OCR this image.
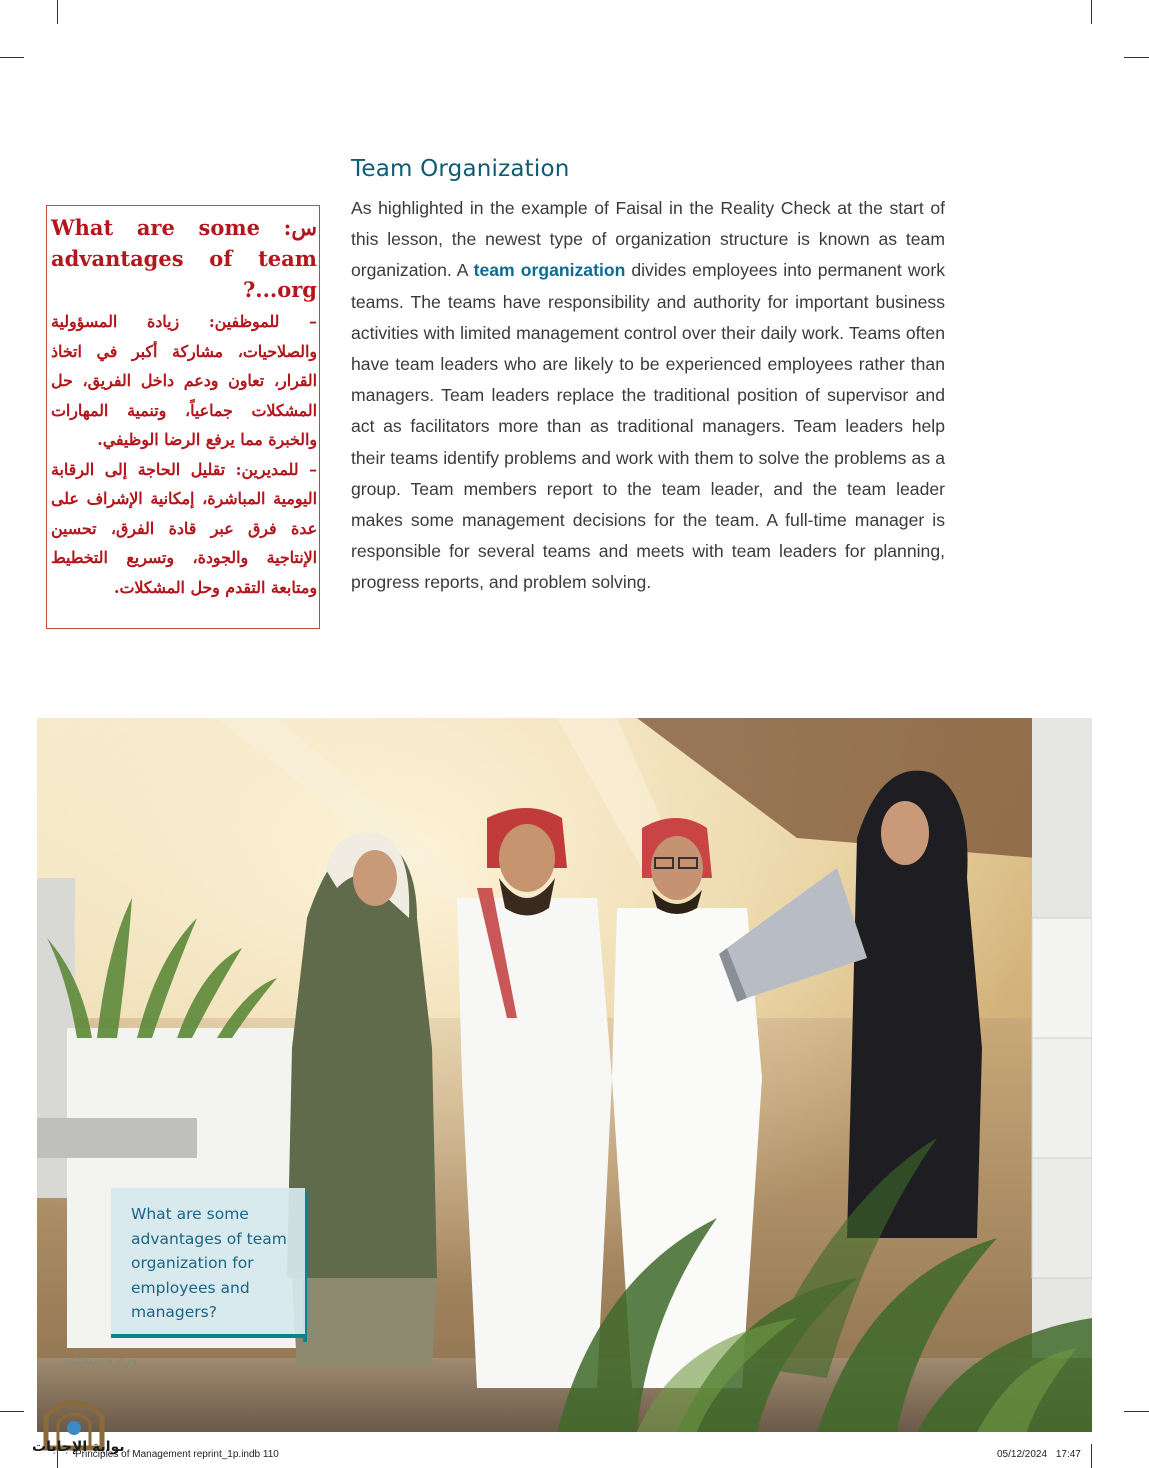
Team Organization

As highlighted in the example of Faisal in the Reality Check at the start of this lesson, the newest type of organization structure is known as team organization. A team organization divides employees into permanent work teams. The teams have responsibility and authority for important business activities with limited management control over their daily work. Teams often have team leaders who are likely to be experienced employees rather than managers. Team leaders replace the traditional position of supervisor and act as facilitators more than as traditional managers. Team leaders help their teams identify problems and work with them to solve the problems as a group. Team members report to the team leader, and the team leader makes some management decisions for the team. A full-time manager is responsible for several teams and meets with team leaders for planning, progress reports, and problem solving.

س: What are some advantages of team ?...org

– للموظفين: زيادة المسؤولية والصلاحيات، مشاركة أكبر في اتخاذ القرار، تعاون ودعم داخل الفريق، حل المشكلات جماعياً، وتنمية المهارات والخبرة مما يرفع الرضا الوظيفي.

– للمديرين: تقليل الحاجة إلى الرقابة اليومية المباشرة، إمكانية الإشراف على عدة فرق عبر قادة الفرق، تحسين الإنتاجية والجودة، وتسريع التخطيط ومتابعة التقدم وحل المشكلات.

What are some advantages of team organization for employees and managers?
وزارة التعليم
بوابة الإجابات
Principles of Management reprint_1p.indb 110	05/12/2024 17:47
